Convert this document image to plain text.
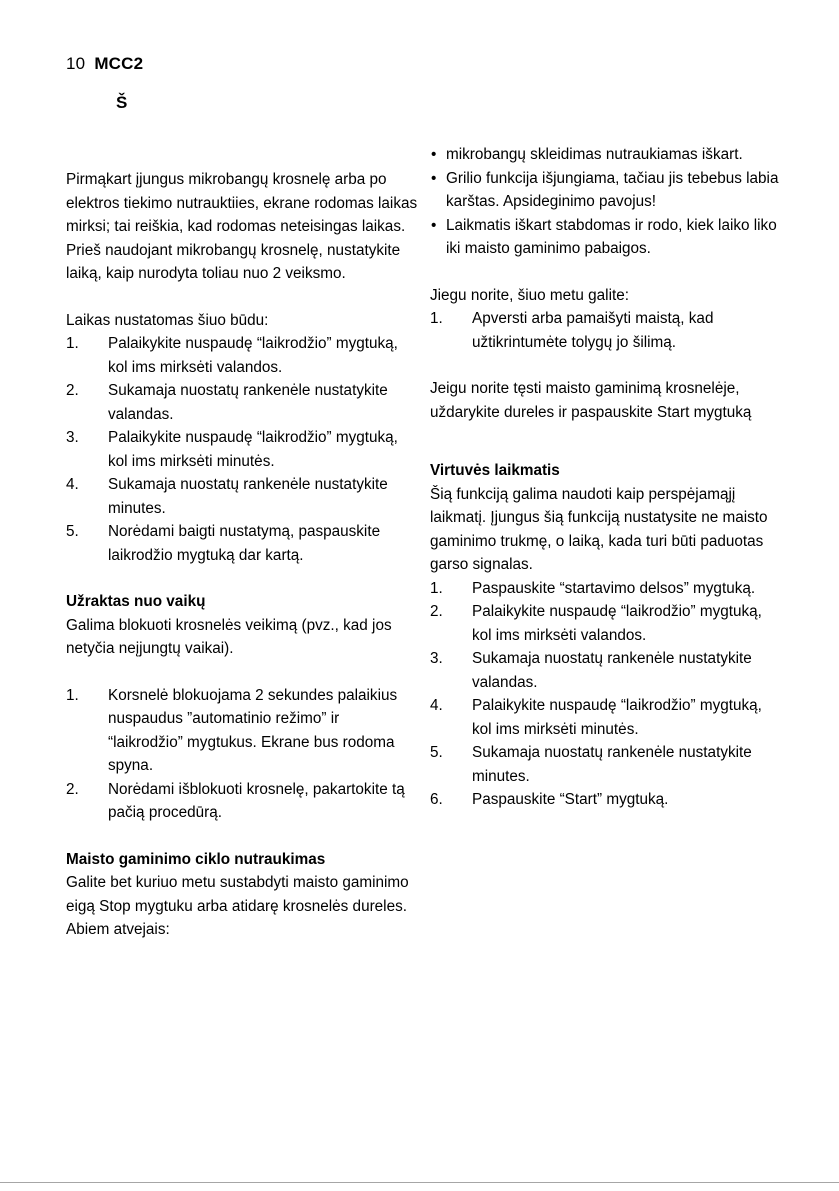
10 MCC2
Š

Pirmąkart įjungus mikrobangų krosnelę arba po elektros tiekimo nutrauktiies, ekrane rodomas laikas mirksi; tai reiškia, kad rodomas neteisingas laikas. Prieš naudojant mikrobangų krosnelę, nustatykite laiką, kaip nurodyta toliau nuo 2 veiksmo.

Laikas nustatomas šiuo būdu:

1.	Palaikykite nuspaudę “laikrodžio” mygtuką, kol ims mirksėti valandos.
2.	Sukamaja nuostatų rankenėle nustatykite valandas.
3.	Palaikykite nuspaudę “laikrodžio” mygtuką, kol ims mirksėti minutės.
4.	Sukamaja nuostatų rankenėle nustatykite minutes.
5.	Norėdami baigti nustatymą, paspauskite laikrodžio mygtuką dar kartą.
Užraktas nuo vaikų

Galima blokuoti krosnelės veikimą (pvz., kad jos netyčia neįjungtų vaikai).

1.	Korsnelė blokuojama 2 sekundes palaikius nuspaudus ”automatinio režimo” ir “laikrodžio” mygtukus. Ekrane bus rodoma spyna.
2.	Norėdami išblokuoti krosnelę, pakartokite tą pačią procedūrą.
Maisto gaminimo ciklo nutraukimas

Galite bet kuriuo metu sustabdyti maisto gaminimo eigą Stop mygtuku arba atidarę krosnelės dureles.

Abiem atvejais:

• mikrobangų skleidimas nutraukiamas iškart.
• Grilio funkcija išjungiama, tačiau jis tebebus labia karštas. Apsideginimo pavojus!
• Laikmatis iškart stabdomas ir rodo, kiek laiko liko iki maisto gaminimo pabaigos.

Jiegu norite, šiuo metu galite:

1.	Apversti arba pamaišyti maistą, kad užtikrintumėte tolygų jo šilimą.

Jeigu norite tęsti maisto gaminimą krosnelėje, uždarykite dureles ir paspauskite Start mygtuką

Virtuvės laikmatis

Šią funkciją galima naudoti kaip perspėjamąjį laikmatį. Įjungus šią funkciją nustatysite ne maisto gaminimo trukmę, o laiką, kada turi būti paduotas garso signalas.

1.	Paspauskite “startavimo delsos” mygtuką.
2.	Palaikykite nuspaudę “laikrodžio” mygtuką, kol ims mirksėti valandos.
3.	Sukamaja nuostatų rankenėle nustatykite valandas.
4.	Palaikykite nuspaudę “laikrodžio” mygtuką, kol ims mirksėti minutės.
5.	Sukamaja nuostatų rankenėle nustatykite minutes.
6.	Paspauskite “Start” mygtuką.
